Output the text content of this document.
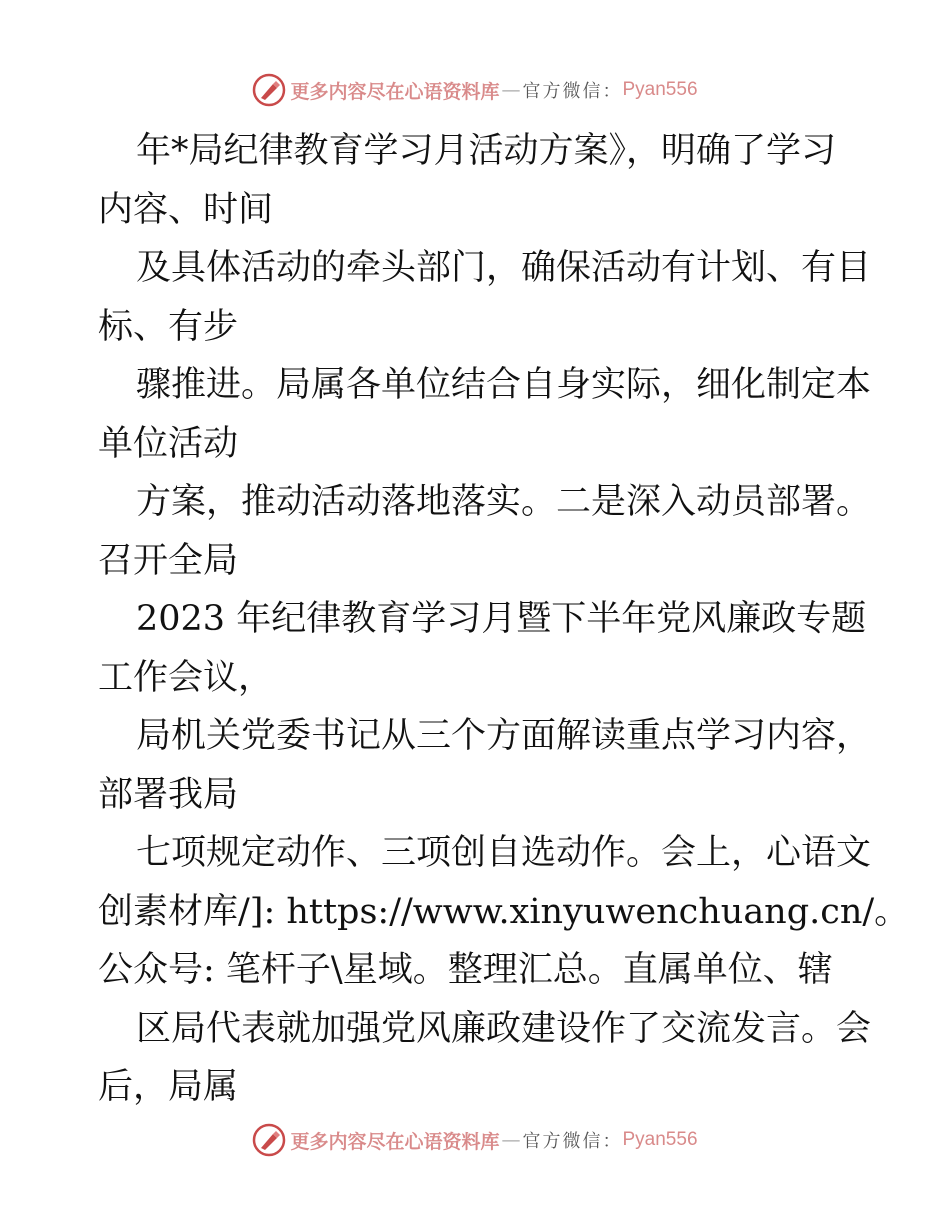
更多内容尽在心语资料库 — 官方微信： Pyan556
年*局纪律教育学习月活动方案》，明确了学习
内容、时间
及具体活动的牵头部门，确保活动有计划、有目
标、有步
骤推进。局属各单位结合自身实际，细化制定本
单位活动
方案，推动活动落地落实。二是深入动员部署。
召开全局
2023 年纪律教育学习月暨下半年党风廉政专题
工作会议，
局机关党委书记从三个方面解读重点学习内容，
部署我局
七项规定动作、三项创自选动作。会上，心语文
创素材库/]: https://www.xinyuwenchuang.cn/。
公众号: 笔杆子\星域。整理汇总。直属单位、辖
区局代表就加强党风廉政建设作了交流发言。会
后，局属
更多内容尽在心语资料库 — 官方微信： Pyan556
